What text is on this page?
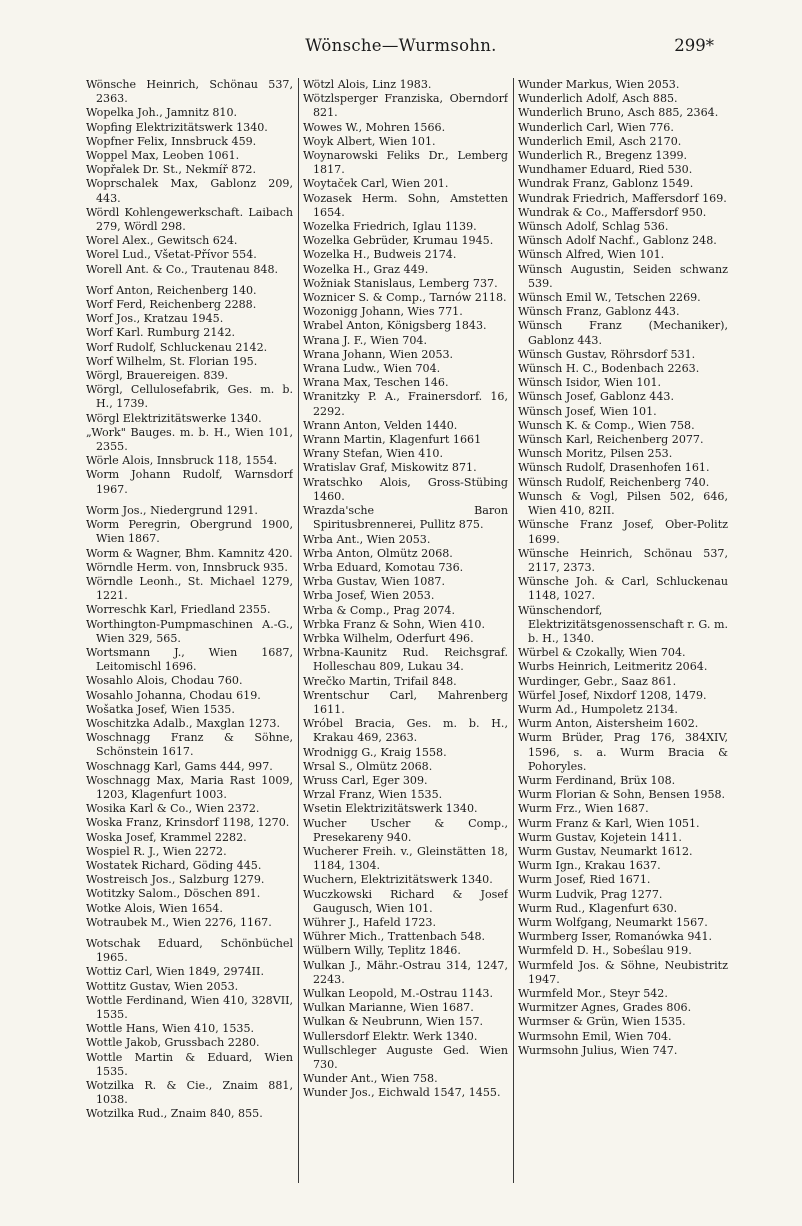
Wönsche—Wurmsohn.	299*

Wönsche Heinrich, Schönau 537, 2363.

Wopelka Joh., Jamnitz 810.

Wopfing Elektrizitätswerk 1340.

Wopfner Felix, Innsbruck 459.

Woppel Max, Leoben 1061.

Wopřalek Dr. St., Nekmíř 872.

Woprschalek Max, Gablonz 209, 443.

Wördl Kohlengewerkschaft. Laibach 279, Wördl 298.

Worel Alex., Gewitsch 624.

Worel Lud., Všetat-Přívor 554.

Worell Ant. & Co., Trautenau 848.

Worf Anton, Reichenberg 140.

Worf Ferd, Reichenberg 2288.

Worf Jos., Kratzau 1945.

Worf Karl. Rumburg 2142.

Worf Rudolf, Schluckenau 2142.

Worf Wilhelm, St. Florian 195.

Wörgl, Brauereigen. 839.

Wörgl, Cellulosefabrik, Ges. m. b. H., 1739.

Wörgl Elektrizitätswerke 1340.

„Work" Bauges. m. b. H., Wien 101, 2355.

Wörle Alois, Innsbruck 118, 1554.

Worm Johann Rudolf, Warnsdorf 1967.

Worm Jos., Niedergrund 1291.

Worm Peregrin, Obergrund 1900, Wien 1867.

Worm & Wagner, Bhm. Kamnitz 420.

Wörndle Herm. von, Innsbruck 935.

Wörndle Leonh., St. Michael 1279, 1221.

Worreschk Karl, Friedland 2355.

Worthington-Pumpmaschinen A.-G., Wien 329, 565.

Wortsmann J., Wien 1687, Leitomischl 1696.

Wosahlo Alois, Chodau 760.

Wosahlo Johanna, Chodau 619.

Wošatka Josef, Wien 1535.

Woschitzka Adalb., Maxglan 1273.

Woschnagg Franz & Söhne, Schönstein 1617.

Woschnagg Karl, Gams 444, 997.

Woschnagg Max, Maria Rast 1009, 1203, Klagenfurt 1003.

Wosika Karl & Co., Wien 2372.

Woska Franz, Krinsdorf 1198, 1270.

Woska Josef, Krammel 2282.

Wospiel R. J., Wien 2272.

Wostatek Richard, Göding 445.

Wostreisch Jos., Salzburg 1279.

Wotitzky Salom., Döschen 891.

Wotke Alois, Wien 1654.

Wotraubek M., Wien 2276, 1167.

Wotschak Eduard, Schönbüchel 1965.

Wottiz Carl, Wien 1849, 2974II.

Wottitz Gustav, Wien 2053.

Wottle Ferdinand, Wien 410, 328VII, 1535.

Wottle Hans, Wien 410, 1535.

Wottle Jakob, Grussbach 2280.

Wottle Martin & Eduard, Wien 1535.

Wotzilka R. & Cie., Znaim 881, 1038.

Wotzilka Rud., Znaim 840, 855.

Wötzl Alois, Linz 1983.

Wötzlsperger Franziska, Oberndorf 821.

Wowes W., Mohren 1566.

Woyk Albert, Wien 101.

Woynarowski Feliks Dr., Lemberg 1817.

Woytaček Carl, Wien 201.

Wozasek Herm. Sohn, Amstetten 1654.

Wozelka Friedrich, Iglau 1139.

Wozelka Gebrüder, Krumau 1945.

Wozelka H., Budweis 2174.

Wozelka H., Graz 449.

Wožniak Stanislaus, Lemberg 737.

Woznicer S. & Comp., Tarnów 2118.

Wozonigg Johann, Wies 771.

Wrabel Anton, Königsberg 1843.

Wrana J. F., Wien 704.

Wrana Johann, Wien 2053.

Wrana Ludw., Wien 704.

Wrana Max, Teschen 146.

Wranitzky P. A., Frainersdorf. 16, 2292.

Wrann Anton, Velden 1440.

Wrann Martin, Klagenfurt 1661

Wrany Stefan, Wien 410.

Wratislav Graf, Miskowitz 871.

Wratschko Alois, Gross-Stübing 1460.

Wrazda'sche Baron Spiritusbrennerei, Pullitz 875.

Wrba Ant., Wien 2053.

Wrba Anton, Olmütz 2068.

Wrba Eduard, Komotau 736.

Wrba Gustav, Wien 1087.

Wrba Josef, Wien 2053.

Wrba & Comp., Prag 2074.

Wrbka Franz & Sohn, Wien 410.

Wrbka Wilhelm, Oderfurt 496.

Wrbna-Kaunitz Rud. Reichsgraf. Holleschau 809, Lukau 34.

Wrečko Martin, Trifail 848.

Wrentschur Carl, Mahrenberg 1611.

Wróbel Bracia, Ges. m. b. H., Krakau 469, 2363.

Wrodnigg G., Kraig 1558.

Wrsal S., Olmütz 2068.

Wruss Carl, Eger 309.

Wrzal Franz, Wien 1535.

Wsetin Elektrizitätswerk 1340.

Wucher Uscher & Comp., Presekareny 940.

Wucherer Freih. v., Gleinstätten 18, 1184, 1304.

Wuchern, Elektrizitätswerk 1340.

Wuczkowski Richard & Josef Gaugusch, Wien 101.

Wührer J., Hafeld 1723.

Wührer Mich., Trattenbach 548.

Wülbern Willy, Teplitz 1846.

Wulkan J., Mähr.-Ostrau 314, 1247, 2243.

Wulkan Leopold, M.-Ostrau 1143.

Wulkan Marianne, Wien 1687.

Wulkan & Neubrunn, Wien 157.

Wullersdorf Elektr. Werk 1340.

Wullschleger Auguste Ged. Wien 730.

Wunder Ant., Wien 758.

Wunder Jos., Eichwald 1547, 1455.

Wunder Markus, Wien 2053.

Wunderlich Adolf, Asch 885.

Wunderlich Bruno, Asch 885, 2364.

Wunderlich Carl, Wien 776.

Wunderlich Emil, Asch 2170.

Wunderlich R., Bregenz 1399.

Wundhamer Eduard, Ried 530.

Wundrak Franz, Gablonz 1549.

Wundrak Friedrich, Maffersdorf 169.

Wundrak & Co., Maffersdorf 950.

Wünsch Adolf, Schlag 536.

Wünsch Adolf Nachf., Gablonz 248.

Wünsch Alfred, Wien 101.

Wünsch Augustin, Seiden schwanz 539.

Wünsch Emil W., Tetschen 2269.

Wünsch Franz, Gablonz 443.

Wünsch Franz (Mechaniker), Gablonz 443.

Wünsch Gustav, Röhrsdorf 531.

Wünsch H. C., Bodenbach 2263.

Wünsch Isidor, Wien 101.

Wünsch Josef, Gablonz 443.

Wünsch Josef, Wien 101.

Wunsch K. & Comp., Wien 758.

Wünsch Karl, Reichenberg 2077.

Wunsch Moritz, Pilsen 253.

Wünsch Rudolf, Drasenhofen 161.

Wünsch Rudolf, Reichenberg 740.

Wunsch & Vogl, Pilsen 502, 646, Wien 410, 82II.

Wünsche Franz Josef, Ober-Politz 1699.

Wünsche Heinrich, Schönau 537, 2117, 2373.

Wünsche Joh. & Carl, Schluckenau 1148, 1027.

Wünschendorf, Elektrizitätsgenossenschaft r. G. m. b. H., 1340.

Würbel & Czokally, Wien 704.

Wurbs Heinrich, Leitmeritz 2064.

Wurdinger, Gebr., Saaz 861.

Würfel Josef, Nixdorf 1208, 1479.

Wurm Ad., Humpoletz 2134.

Wurm Anton, Aistersheim 1602.

Wurm Brüder, Prag 176, 384XIV, 1596, s. a. Wurm Bracia & Pohoryles.

Wurm Ferdinand, Brüx 108.

Wurm Florian & Sohn, Bensen 1958.

Wurm Frz., Wien 1687.

Wurm Franz & Karl, Wien 1051.

Wurm Gustav, Kojetein 1411.

Wurm Gustav, Neumarkt 1612.

Wurm Ign., Krakau 1637.

Wurm Josef, Ried 1671.

Wurm Ludvik, Prag 1277.

Wurm Rud., Klagenfurt 630.

Wurm Wolfgang, Neumarkt 1567.

Wurmberg Isser, Romanówka 941.

Wurmfeld D. H., Sobeślau 919.

Wurmfeld Jos. & Söhne, Neubistritz 1947.

Wurmfeld Mor., Steyr 542.

Wurmitzer Agnes, Grades 806.

Wurmser & Grün, Wien 1535.

Wurmsohn Emil, Wien 704.

Wurmsohn Julius, Wien 747.
